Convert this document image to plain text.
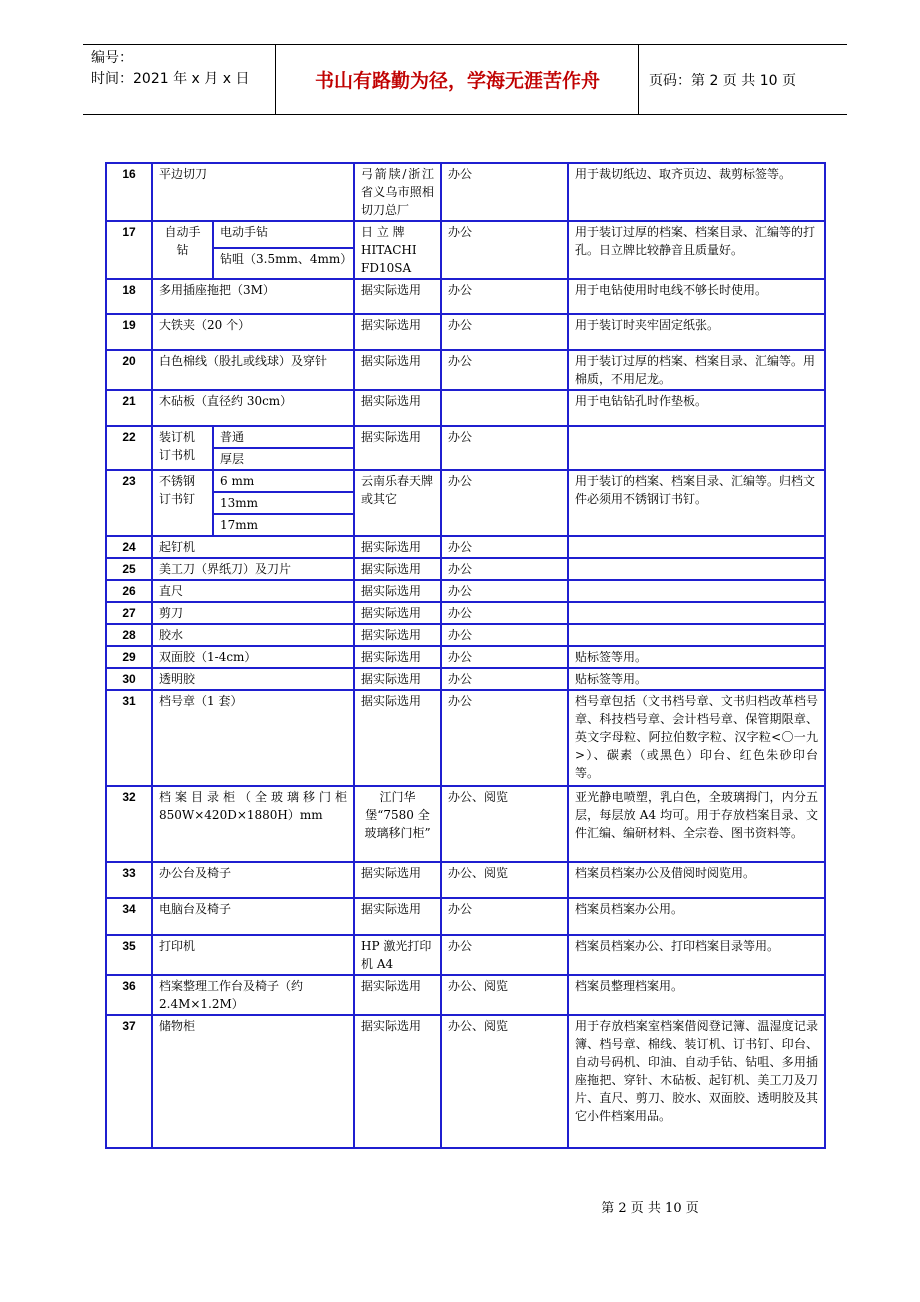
编号：
时间：2021 年 x 月 x 日	书山有路勤为径，学海无涯苦作舟	页码：第 2 页 共 10 页
16	平边切刀		弓箭牍/浙江省义乌市照相切刀总厂	办公	用于裁切纸边、取齐页边、裁剪标签等。
17	自动手钻	电动手钻	日 立 牌 HITACHI FD10SA	办公	用于装订过厚的档案、档案目录、汇编等的打孔。日立牌比较静音且质量好。
		钻咀（3.5mm、4mm）			
18	多用插座拖把（3M）		据实际选用	办公	用于电钻使用时电线不够长时使用。
19	大铁夹（20 个）		据实际选用	办公	用于装订时夹牢固定纸张。
20	白色棉线（股扎或线球）及穿针		据实际选用	办公	用于装订过厚的档案、档案目录、汇编等。用棉质，不用尼龙。
21	木砧板（直径约 30cm）		据实际选用		用于电钻钻孔时作垫板。
22	装订机订书机	普通	据实际选用	办公	
		厚层			
23	不锈钢订书钉	6 mm	云南乐春天牌或其它	办公	用于装订的档案、档案目录、汇编等。归档文件必须用不锈钢订书钉。
		13mm			
		17mm			
24	起钉机		据实际选用	办公	
25	美工刀（界纸刀）及刀片		据实际选用	办公	
26	直尺		据实际选用	办公	
27	剪刀		据实际选用	办公	
28	胶水		据实际选用	办公	
29	双面胶（1-4cm）		据实际选用	办公	贴标签等用。
30	透明胶		据实际选用	办公	贴标签等用。
31	档号章（1 套）		据实际选用	办公	档号章包括（文书档号章、文书归档改革档号章、科技档号章、会计档号章、保管期限章、英文字母粒、阿拉伯数字粒、汉字粒<〇一九>）、碳素（或黑色）印台、红色朱砂印台等。
32	档案目录柜（全玻璃移门柜 850W×420D×1880H）mm		江门华堡“7580 全玻璃移门柜”	办公、阅览	亚光静电喷塑，乳白色，全玻璃拇门，内分五层，每层放 A4 均可。用于存放档案目录、文件汇编、编研材料、全宗卷、图书资料等。
33	办公台及椅子		据实际选用	办公、阅览	档案员档案办公及借阅时阅览用。
34	电脑台及椅子		据实际选用	办公	档案员档案办公用。
35	打印机		HP 激光打印机 A4	办公	档案员档案办公、打印档案目录等用。
36	档案整理工作台及椅子（约 2.4M×1.2M）		据实际选用	办公、阅览	档案员整理档案用。
37	储物柜		据实际选用	办公、阅览	用于存放档案室档案借阅登记簿、温湿度记录簿、档号章、棉线、装订机、订书钉、印台、自动号码机、印油、自动手钻、钻咀、多用插座拖把、穿针、木砧板、起钉机、美工刀及刀片、直尺、剪刀、胶水、双面胶、透明胶及其它小件档案用品。
第 2 页 共 10 页
